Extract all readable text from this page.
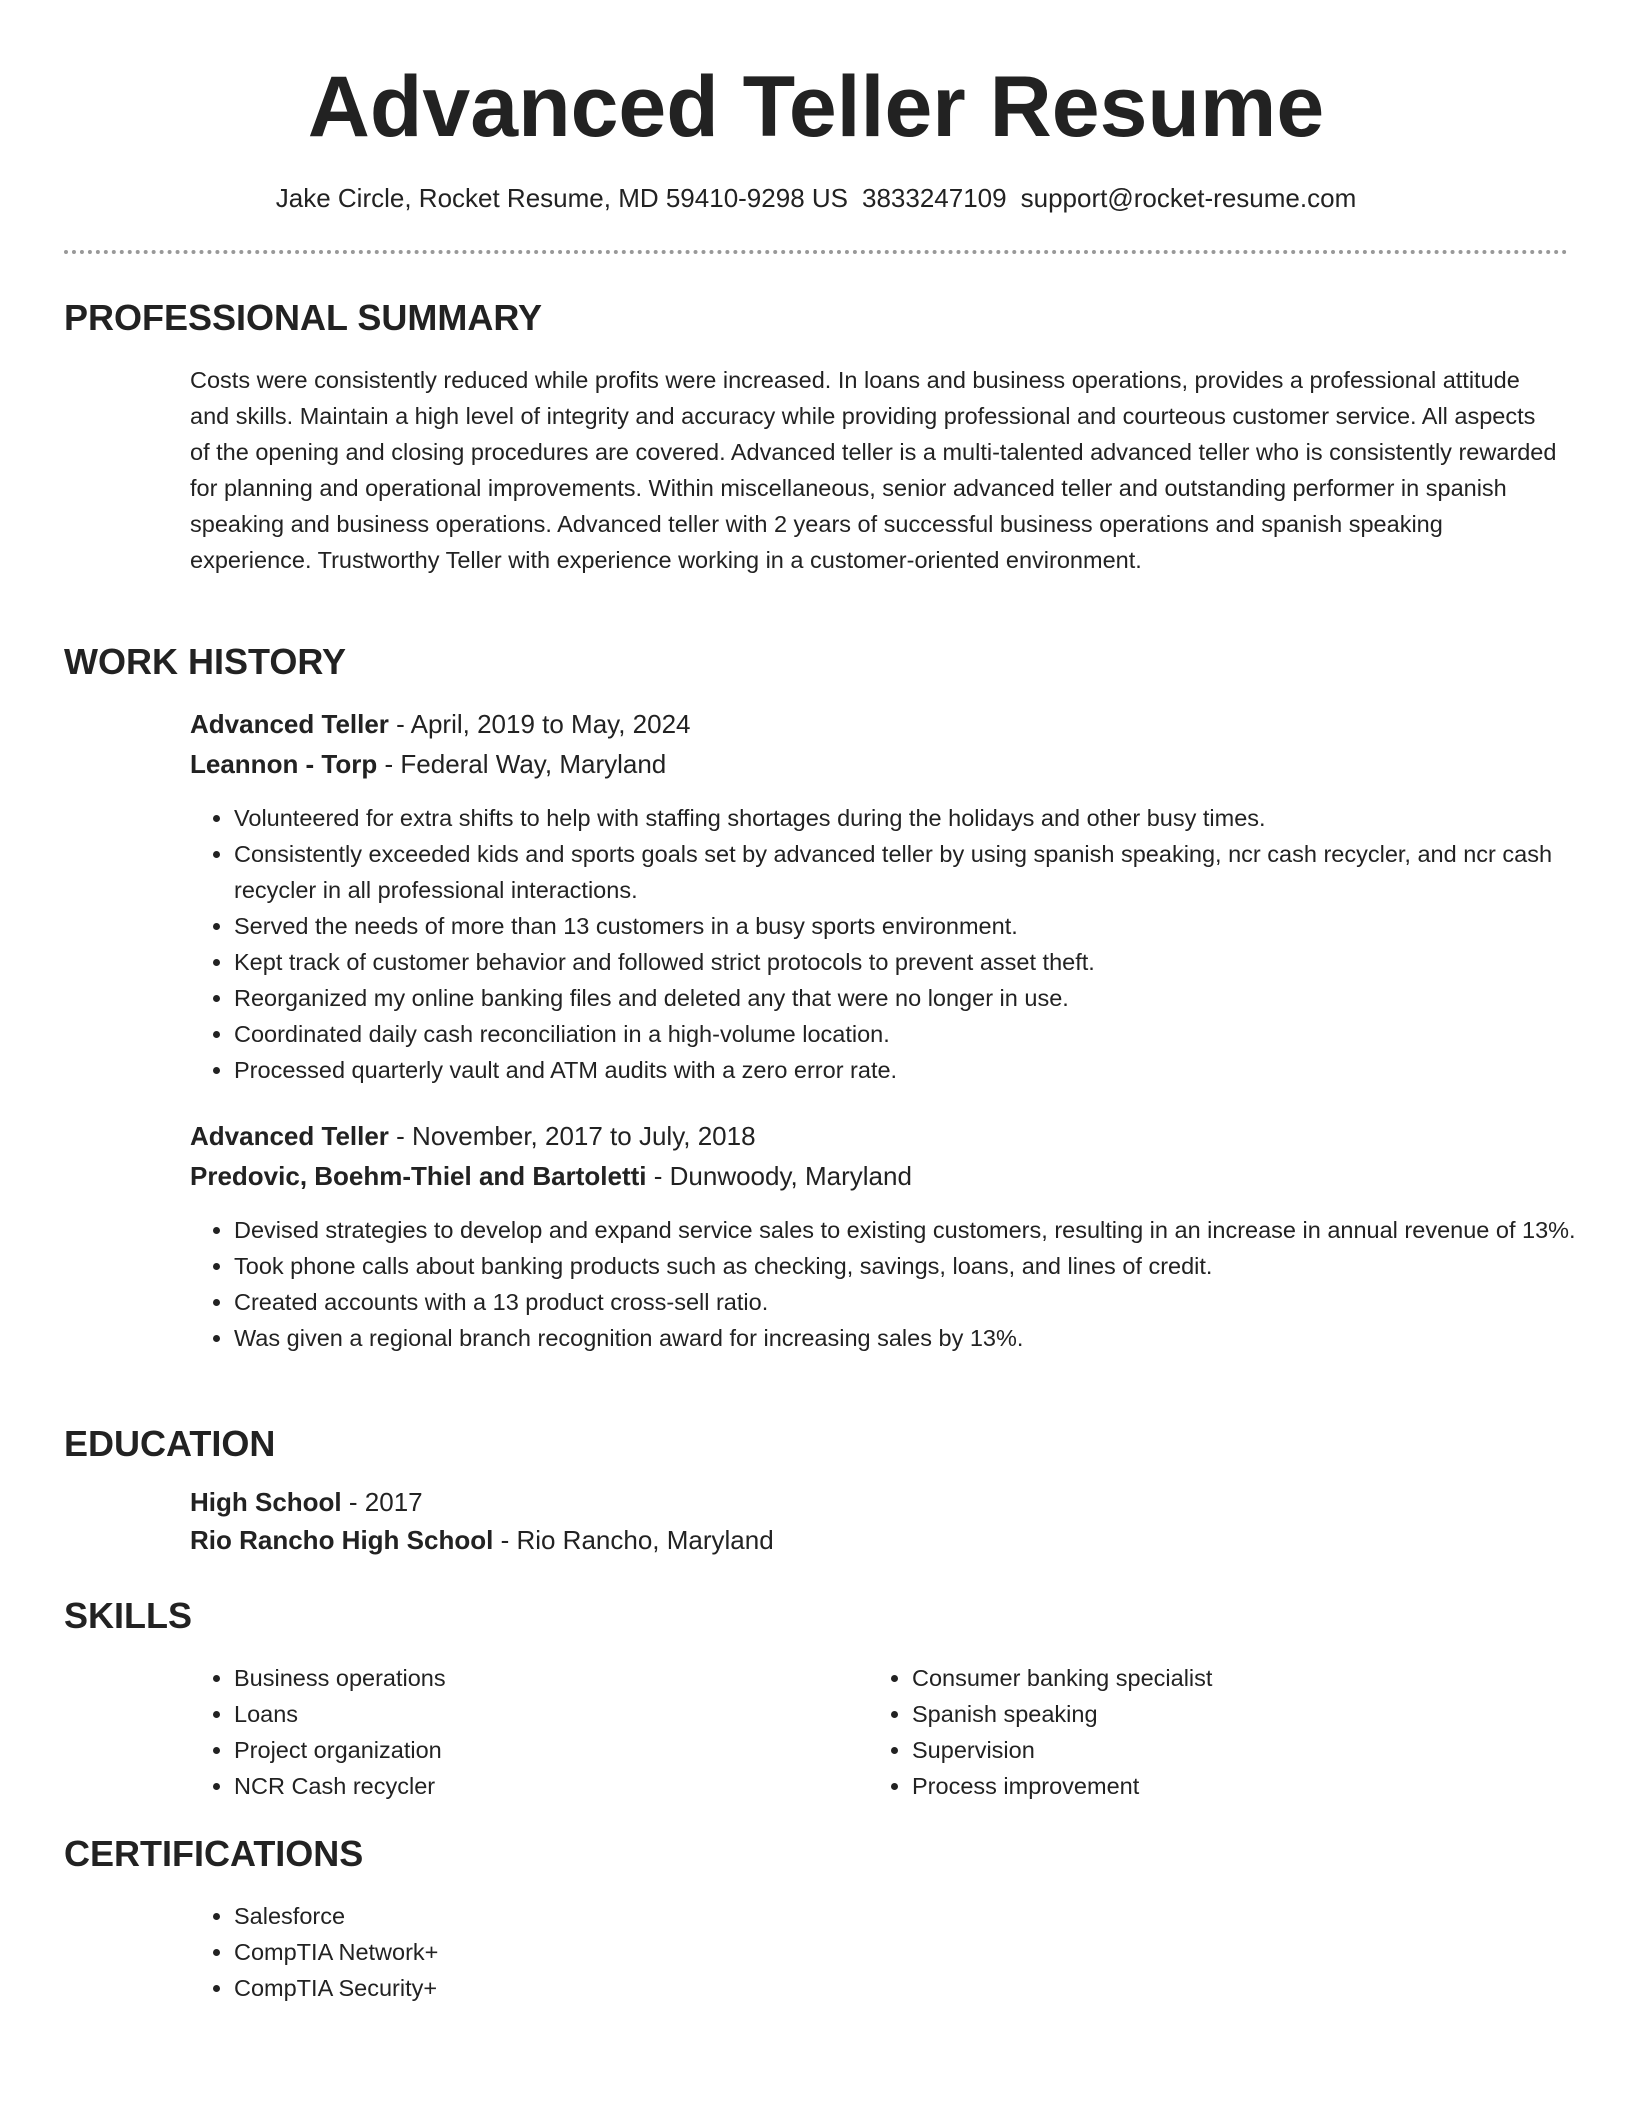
Advanced Teller Resume
Jake Circle, Rocket Resume, MD 59410-9298 US 3833247109 support@rocket-resume.com
PROFESSIONAL SUMMARY

Costs were consistently reduced while profits were increased. In loans and business operations, provides a professional attitude and skills. Maintain a high level of integrity and accuracy while providing professional and courteous customer service. All aspects of the opening and closing procedures are covered. Advanced teller is a multi-talented advanced teller who is consistently rewarded for planning and operational improvements. Within miscellaneous, senior advanced teller and outstanding performer in spanish speaking and business operations. Advanced teller with 2 years of successful business operations and spanish speaking experience. Trustworthy Teller with experience working in a customer-oriented environment.

WORK HISTORY
Advanced Teller - April, 2019 to May, 2024
Leannon - Torp - Federal Way, Maryland
• Volunteered for extra shifts to help with staffing shortages during the holidays and other busy times.
• Consistently exceeded kids and sports goals set by advanced teller by using spanish speaking, ncr cash recycler, and ncr cash recycler in all professional interactions.
• Served the needs of more than 13 customers in a busy sports environment.
• Kept track of customer behavior and followed strict protocols to prevent asset theft.
• Reorganized my online banking files and deleted any that were no longer in use.
• Coordinated daily cash reconciliation in a high-volume location.
• Processed quarterly vault and ATM audits with a zero error rate.
Advanced Teller - November, 2017 to July, 2018
Predovic, Boehm-Thiel and Bartoletti - Dunwoody, Maryland
• Devised strategies to develop and expand service sales to existing customers, resulting in an increase in annual revenue of 13%.
• Took phone calls about banking products such as checking, savings, loans, and lines of credit.
• Created accounts with a 13 product cross-sell ratio.
• Was given a regional branch recognition award for increasing sales by 13%.
EDUCATION
High School - 2017
Rio Rancho High School - Rio Rancho, Maryland
SKILLS
• Business operations
• Loans
• Project organization
• NCR Cash recycler
• Consumer banking specialist
• Spanish speaking
• Supervision
• Process improvement
CERTIFICATIONS
• Salesforce
• CompTIA Network+
• CompTIA Security+
